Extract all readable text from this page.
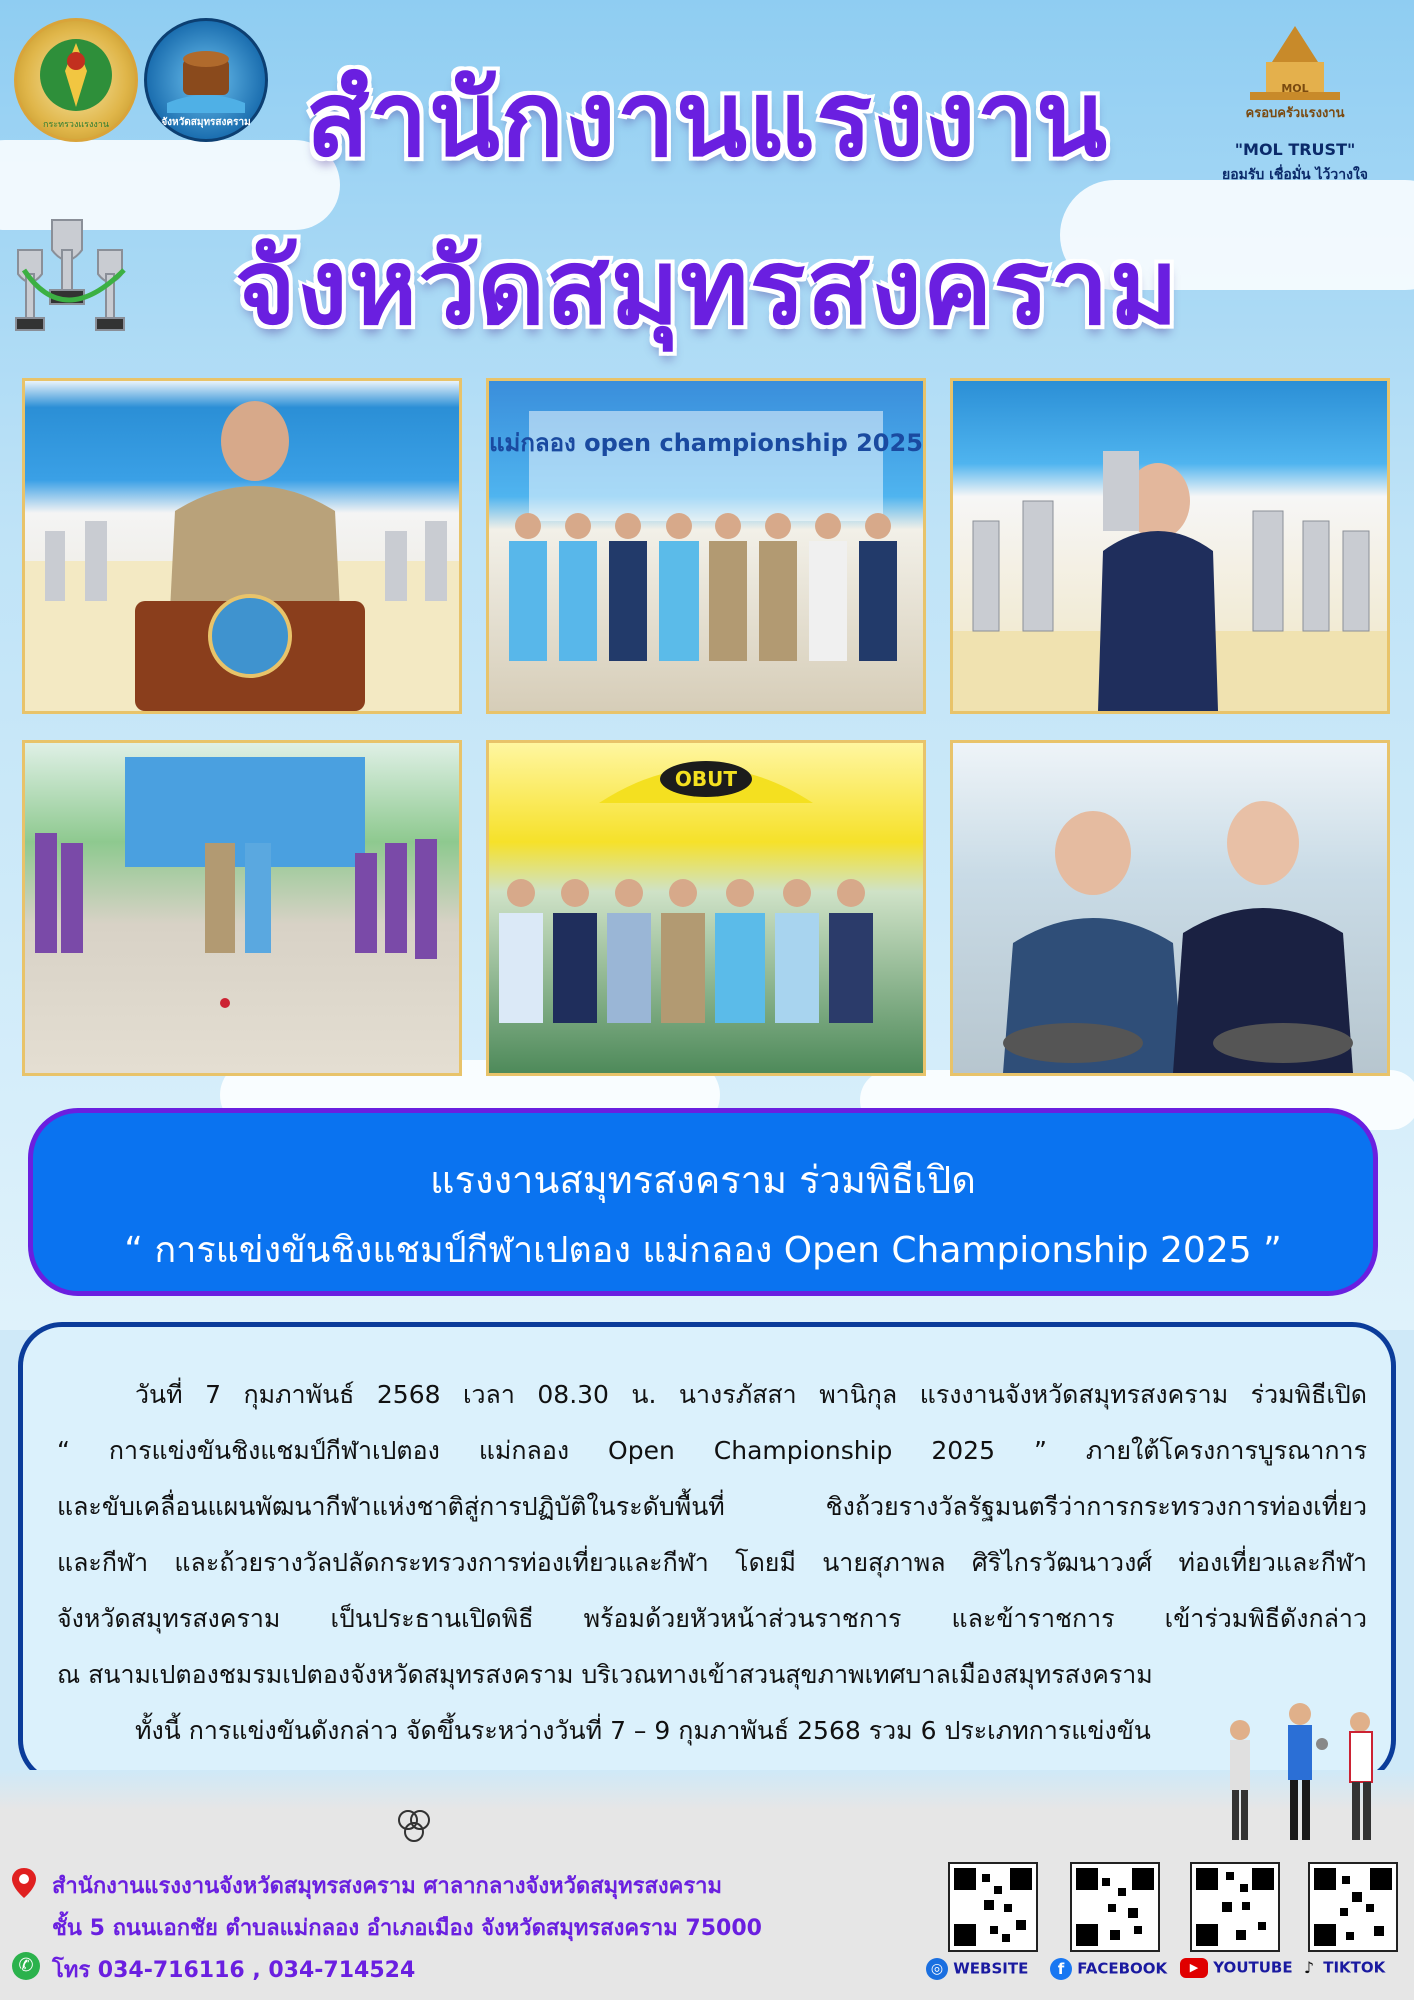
กระทรวงแรงงาน	จังหวัดสมุทรสงคราม
MOL
ครอบครัวแรงงาน
"MOL TRUST"
ยอมรับ เชื่อมั่น ไว้วางใจ
สำนักงานแรงงาน
จังหวัดสมุทรสงคราม
แม่กลอง open championship 2025
OBUT
แรงงานสมุทรสงคราม ร่วมพิธีเปิด
“ การแข่งขันชิงแชมป์กีฬาเปตอง แม่กลอง Open Championship 2025 ”
วันที่ 7 กุมภาพันธ์ 2568 เวลา 08.30 น. นางรภัสสา พานิกุล แรงงานจังหวัดสมุทรสงคราม ร่วมพิธีเปิด
“ การแข่งขันชิงแชมป์กีฬาเปตอง แม่กลอง Open Championship 2025 ” ภายใต้โครงการบูรณาการ
และขับเคลื่อนแผนพัฒนากีฬาแห่งชาติสู่การปฏิบัติในระดับพื้นที่ ชิงถ้วยรางวัลรัฐมนตรีว่าการกระทรวงการท่องเที่ยว
และกีฬา และถ้วยรางวัลปลัดกระทรวงการท่องเที่ยวและกีฬา โดยมี นายสุภาพล ศิริไกรวัฒนาวงศ์ ท่องเที่ยวและกีฬา
จังหวัดสมุทรสงคราม เป็นประธานเปิดพิธี พร้อมด้วยหัวหน้าส่วนราชการ และข้าราชการ เข้าร่วมพิธีดังกล่าว
ณ สนามเปตองชมรมเปตองจังหวัดสมุทรสงคราม บริเวณทางเข้าสวนสุขภาพเทศบาลเมืองสมุทรสงคราม
ทั้งนี้ การแข่งขันดังกล่าว จัดขึ้นระหว่างวันที่ 7 – 9 กุมภาพันธ์ 2568 รวม 6 ประเภทการแข่งขัน
สำนักงานแรงงานจังหวัดสมุทรสงคราม ศาลากลางจังหวัดสมุทรสงคราม
ชั้น 5 ถนนเอกชัย ตำบลแม่กลอง อำเภอเมือง จังหวัดสมุทรสงคราม 75000
✆ โทร 034-716116 , 034-714524	◎ WEBSITE	f FACEBOOK	▶ YOUTUBE ♪ TIKTOK
